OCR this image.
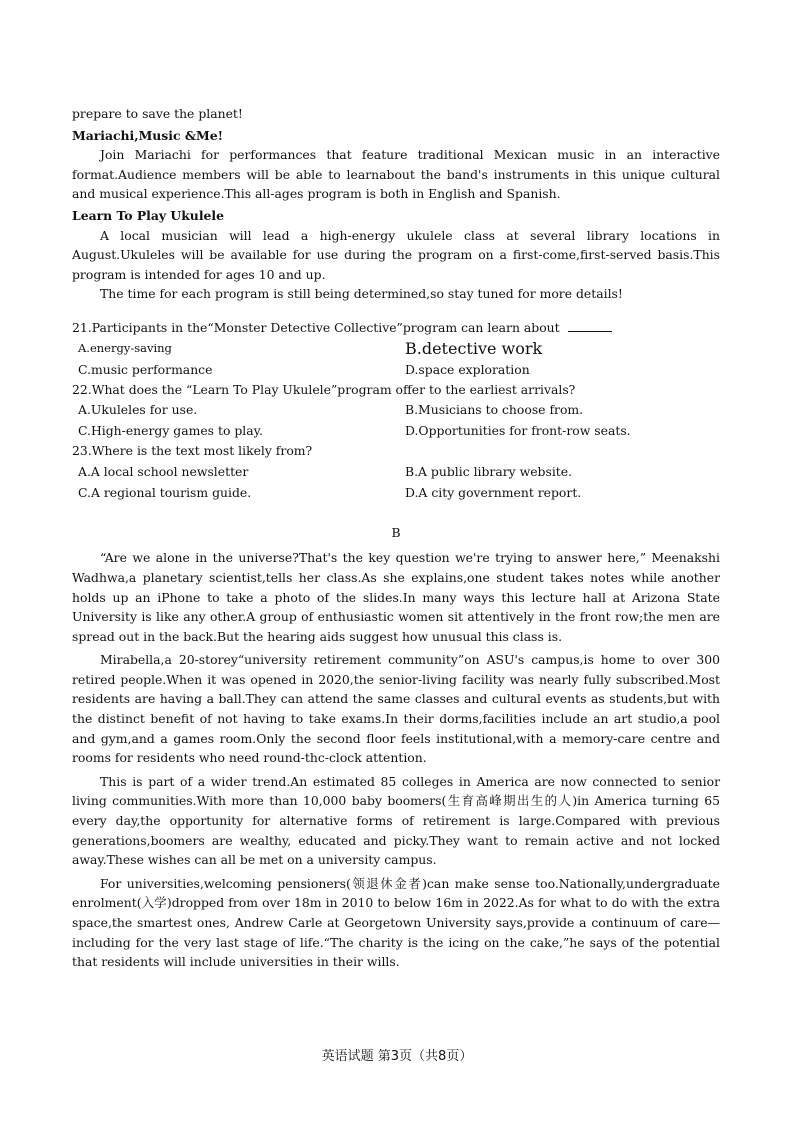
prepare to save the planet!

Mariachi,Music &Me!

Join Mariachi for performances that feature traditional Mexican music in an interactive format.Audience members will be able to learnabout the band's instruments in this unique cultural and musical experience.This all-ages program is both in English and Spanish.

Learn To Play Ukulele

A local musician will lead a high-energy ukulele class at several library locations in August.Ukuleles will be available for use during the program on a first-come,first-served basis.This program is intended for ages 10 and up.

The time for each program is still being determined,so stay tuned for more details!

21.Participants in the“Monster Detective Collective”program can learn about

A.energy-saving	B.detective work
C.music performance	D.space exploration

22.What does the “Learn To Play Ukulele”program offer to the earliest arrivals?

A.Ukuleles for use.	B.Musicians to choose from.
C.High-energy games to play.	D.Opportunities for front-row seats.

23.Where is the text most likely from?

A.A local school newsletter	B.A public library website.
C.A regional tourism guide.	D.A city government report.
B

“Are we alone in the universe?That's the key question we're trying to answer here,” Meenakshi Wadhwa,a planetary scientist,tells her class.As she explains,one student takes notes while another holds up an iPhone to take a photo of the slides.In many ways this lecture hall at Arizona State University is like any other.A group of enthusiastic women sit attentively in the front row;the men are spread out in the back.But the hearing aids suggest how unusual this class is.

Mirabella,a 20-storey“university retirement community”on ASU's campus,is home to over 300 retired people.When it was opened in 2020,the senior-living facility was nearly fully subscribed.Most residents are having a ball.They can attend the same classes and cultural events as students,but with the distinct benefit of not having to take exams.In their dorms,facilities include an art studio,a pool and gym,and a games room.Only the second floor feels institutional,with a memory-care centre and rooms for residents who need round-thc-clock attention.

This is part of a wider trend.An estimated 85 colleges in America are now connected to senior living communities.With more than 10,000 baby boomers(生育高峰期出生的人)in America turning 65 every day,the opportunity for alternative forms of retirement is large.Compared with previous generations,boomers are wealthy, educated and picky.They want to remain active and not locked away.These wishes can all be met on a university campus.

For universities,welcoming pensioners(领退休金者)can make sense too.Nationally,undergraduate enrolment(入学)dropped from over 18m in 2010 to below 16m in 2022.As for what to do with the extra space,the smartest ones, Andrew Carle at Georgetown University says,provide a continuum of care—including for the very last stage of life.“The charity is the icing on the cake,”he says of the potential that residents will include universities in their wills.

英语试题 第3页（共8页）
